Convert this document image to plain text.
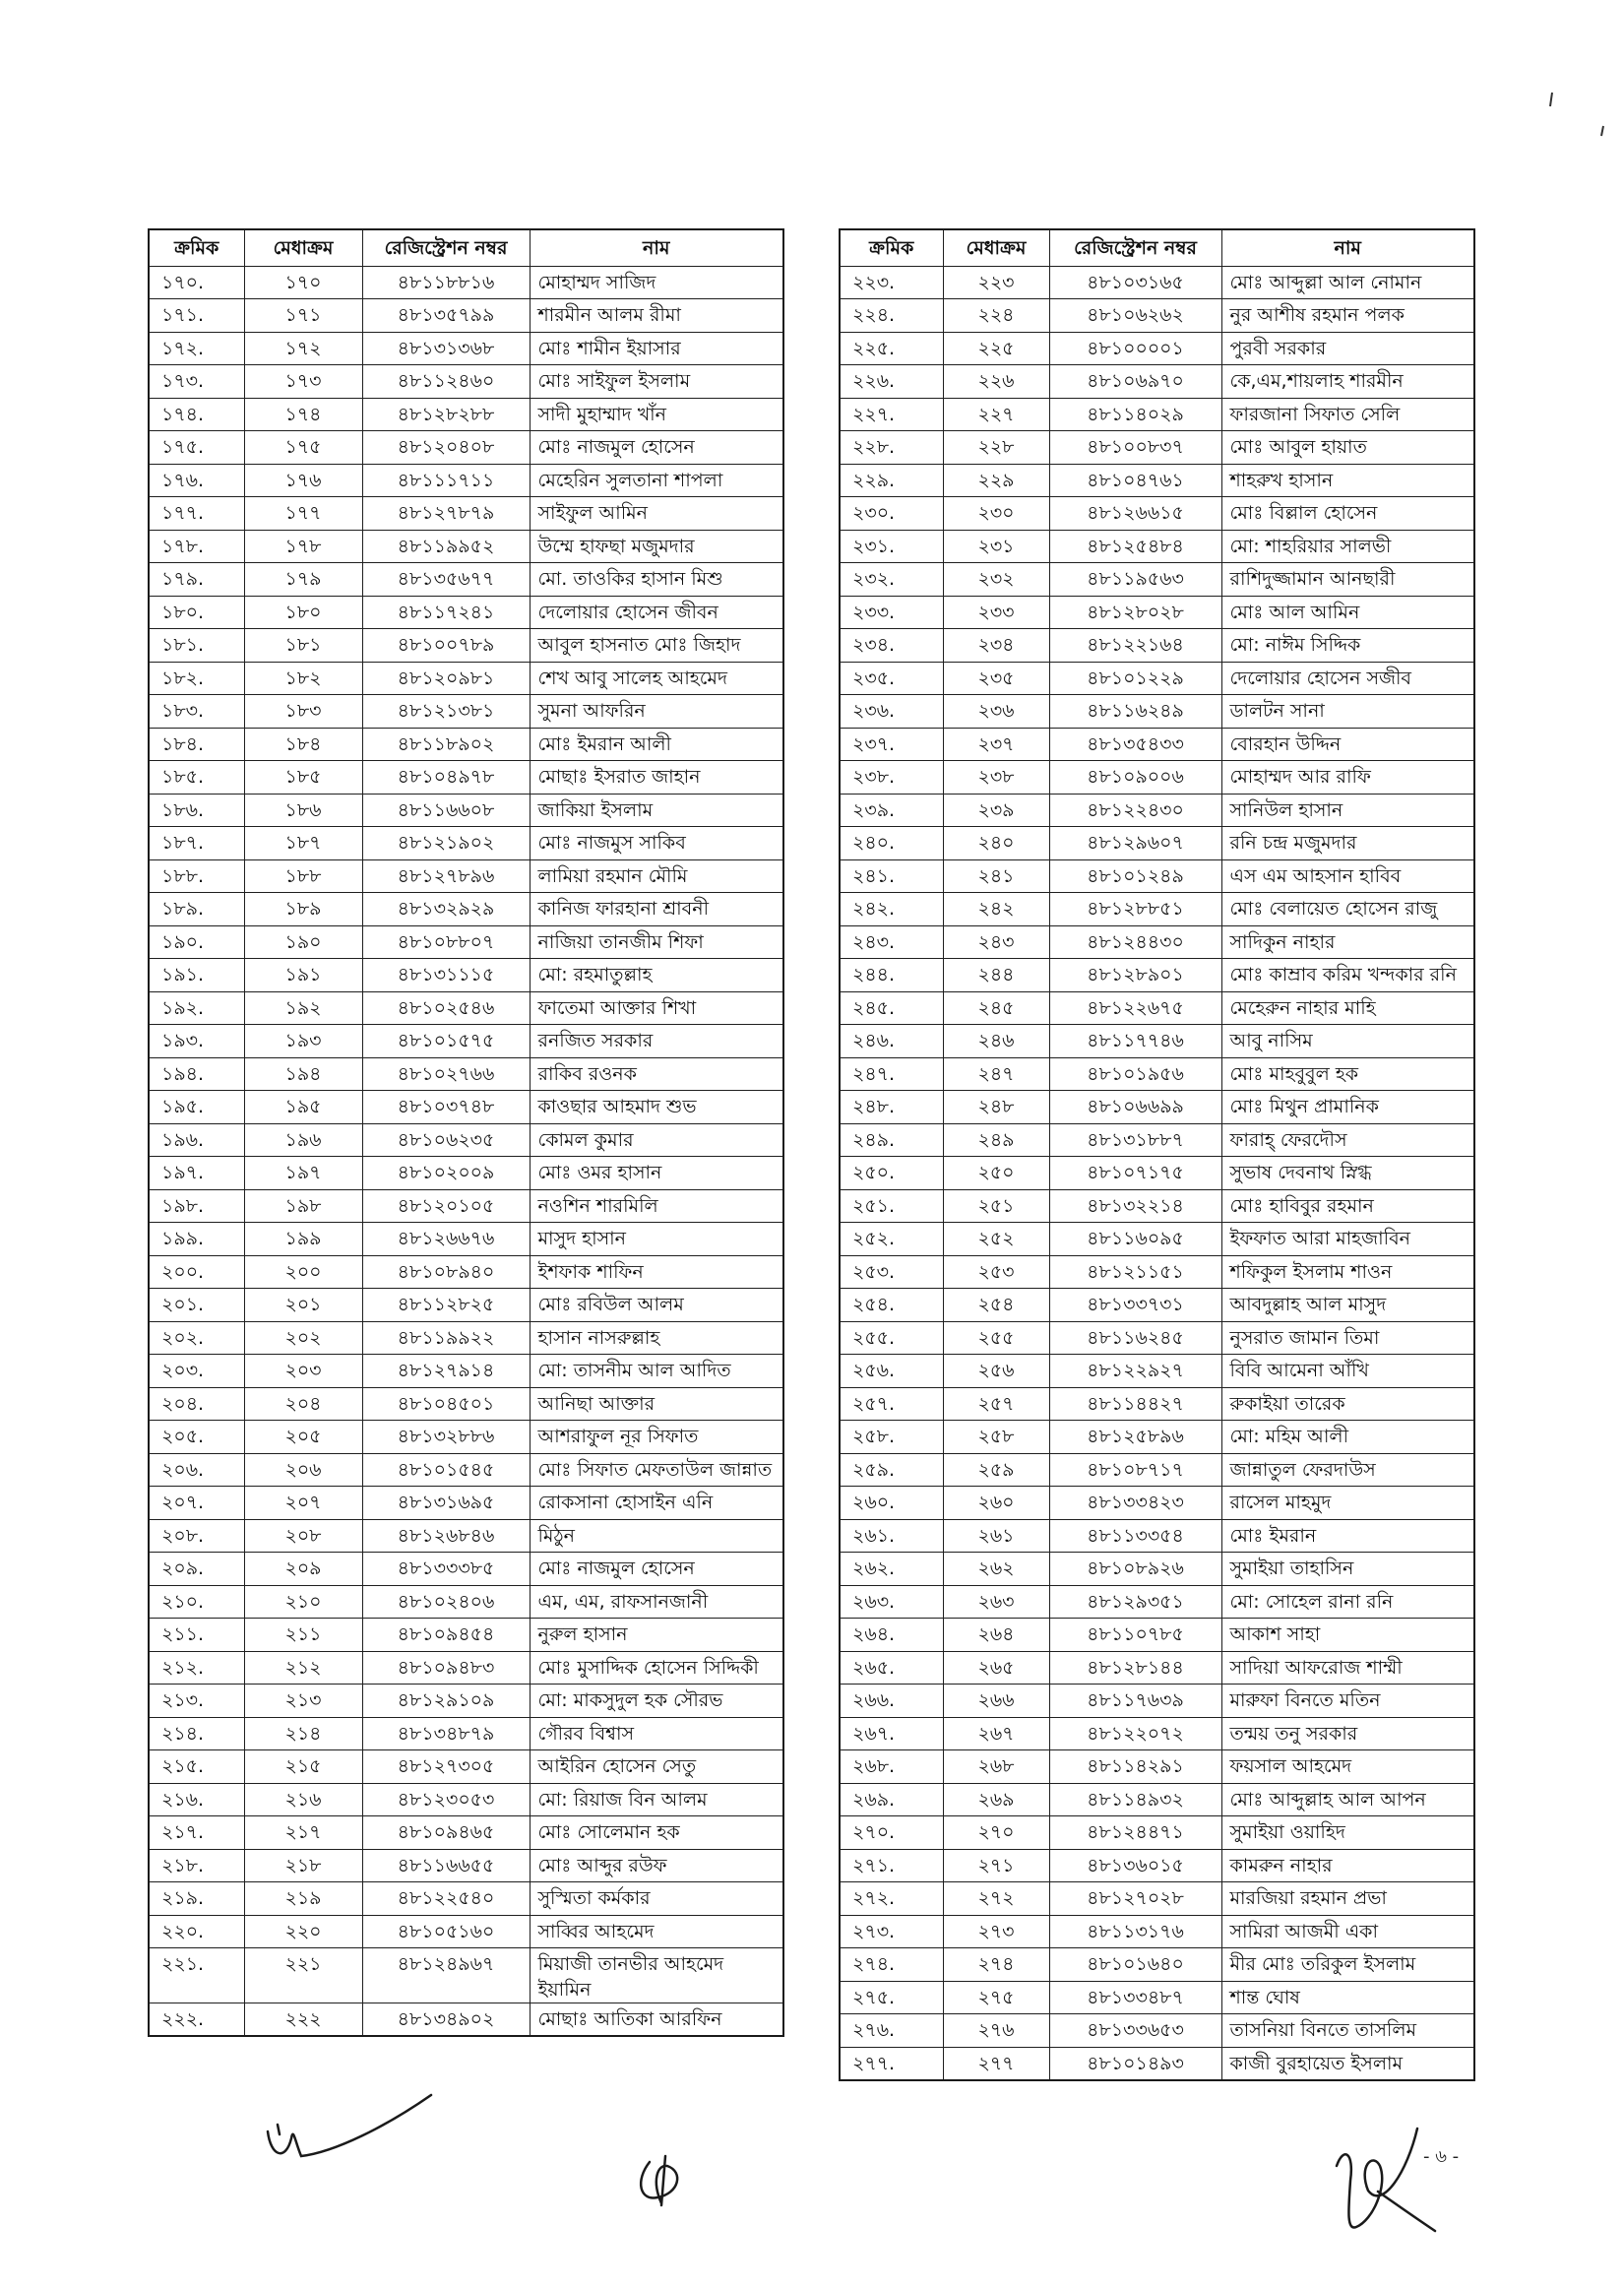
ক্রমিক	মেধাক্রম	রেজিস্ট্রেশন নম্বর	নাম
১৭০.	১৭০	৪৮১১৮৮১৬	মোহাম্মদ সাজিদ
১৭১.	১৭১	৪৮১৩৫৭৯৯	শারমীন আলম রীমা
১৭২.	১৭২	৪৮১৩১৩৬৮	মোঃ শামীন ইয়াসার
১৭৩.	১৭৩	৪৮১১২৪৬০	মোঃ সাইফুল ইসলাম
১৭৪.	১৭৪	৪৮১২৮২৮৮	সাদী মুহাম্মাদ খাঁন
১৭৫.	১৭৫	৪৮১২০৪০৮	মোঃ নাজমুল হোসেন
১৭৬.	১৭৬	৪৮১১১৭১১	মেহেরিন সুলতানা শাপলা
১৭৭.	১৭৭	৪৮১২৭৮৭৯	সাইফুল আমিন
১৭৮.	১৭৮	৪৮১১৯৯৫২	উম্মে হাফছা মজুমদার
১৭৯.	১৭৯	৪৮১৩৫৬৭৭	মো. তাওকির হাসান মিশু
১৮০.	১৮০	৪৮১১৭২৪১	দেলোয়ার হোসেন জীবন
১৮১.	১৮১	৪৮১০০৭৮৯	আবুল হাসনাত মোঃ জিহাদ
১৮২.	১৮২	৪৮১২০৯৮১	শেখ আবু সালেহ আহমেদ
১৮৩.	১৮৩	৪৮১২১৩৮১	সুমনা আফরিন
১৮৪.	১৮৪	৪৮১১৮৯০২	মোঃ ইমরান আলী
১৮৫.	১৮৫	৪৮১০৪৯৭৮	মোছাঃ ইসরাত জাহান
১৮৬.	১৮৬	৪৮১১৬৬০৮	জাকিয়া ইসলাম
১৮৭.	১৮৭	৪৮১২১৯০২	মোঃ নাজমুস সাকিব
১৮৮.	১৮৮	৪৮১২৭৮৯৬	লামিয়া রহমান মৌমি
১৮৯.	১৮৯	৪৮১৩২৯২৯	কানিজ ফারহানা শ্রাবনী
১৯০.	১৯০	৪৮১০৮৮০৭	নাজিয়া তানজীম শিফা
১৯১.	১৯১	৪৮১৩১১১৫	মো: রহমাতুল্লাহ
১৯২.	১৯২	৪৮১০২৫৪৬	ফাতেমা আক্তার শিখা
১৯৩.	১৯৩	৪৮১০১৫৭৫	রনজিত সরকার
১৯৪.	১৯৪	৪৮১০২৭৬৬	রাকিব রওনক
১৯৫.	১৯৫	৪৮১০৩৭৪৮	কাওছার আহমাদ শুভ
১৯৬.	১৯৬	৪৮১০৬২৩৫	কোমল কুমার
১৯৭.	১৯৭	৪৮১০২০০৯	মোঃ ওমর হাসান
১৯৮.	১৯৮	৪৮১২০১০৫	নওশিন শারমিলি
১৯৯.	১৯৯	৪৮১২৬৬৭৬	মাসুদ হাসান
২০০.	২০০	৪৮১০৮৯৪০	ইশফাক শাফিন
২০১.	২০১	৪৮১১২৮২৫	মোঃ রবিউল আলম
২০২.	২০২	৪৮১১৯৯২২	হাসান নাসরুল্লাহ
২০৩.	২০৩	৪৮১২৭৯১৪	মো: তাসনীম আল আদিত
২০৪.	২০৪	৪৮১০৪৫০১	আনিছা আক্তার
২০৫.	২০৫	৪৮১৩২৮৮৬	আশরাফুল নূর সিফাত
২০৬.	২০৬	৪৮১০১৫৪৫	মোঃ সিফাত মেফতাউল জান্নাত
২০৭.	২০৭	৪৮১৩১৬৯৫	রোকসানা হোসাইন এনি
২০৮.	২০৮	৪৮১২৬৮৪৬	মিঠুন
২০৯.	২০৯	৪৮১৩৩৩৮৫	মোঃ নাজমুল হোসেন
২১০.	২১০	৪৮১০২৪০৬	এম, এম, রাফসানজানী
২১১.	২১১	৪৮১০৯৪৫৪	নুরুল হাসান
২১২.	২১২	৪৮১০৯৪৮৩	মোঃ মুসাদ্দিক হোসেন সিদ্দিকী
২১৩.	২১৩	৪৮১২৯১০৯	মো: মাকসুদুল হক সৌরভ
২১৪.	২১৪	৪৮১৩৪৮৭৯	গৌরব বিশ্বাস
২১৫.	২১৫	৪৮১২৭৩০৫	আইরিন হোসেন সেতু
২১৬.	২১৬	৪৮১২৩০৫৩	মো: রিয়াজ বিন আলম
২১৭.	২১৭	৪৮১০৯৪৬৫	মোঃ সোলেমান হক
২১৮.	২১৮	৪৮১১৬৬৫৫	মোঃ আব্দুর রউফ
২১৯.	২১৯	৪৮১২২৫৪০	সুস্মিতা কর্মকার
২২০.	২২০	৪৮১০৫১৬০	সাব্বির আহমেদ
২২১.	২২১	৪৮১২৪৯৬৭	মিয়াজী তানভীর আহমেদ ইয়ামিন
২২২.	২২২	৪৮১৩৪৯০২	মোছাঃ আতিকা আরফিন
ক্রমিক	মেধাক্রম	রেজিস্ট্রেশন নম্বর	নাম
২২৩.	২২৩	৪৮১০৩১৬৫	মোঃ আব্দুল্লা আল নোমান
২২৪.	২২৪	৪৮১০৬২৬২	নুর আশীষ রহমান পলক
২২৫.	২২৫	৪৮১০০০০১	পুরবী সরকার
২২৬.	২২৬	৪৮১০৬৯৭০	কে,এম,শায়লাহ শারমীন
২২৭.	২২৭	৪৮১১৪০২৯	ফারজানা সিফাত সেলি
২২৮.	২২৮	৪৮১০০৮৩৭	মোঃ আবুল হায়াত
২২৯.	২২৯	৪৮১০৪৭৬১	শাহরুখ হাসান
২৩০.	২৩০	৪৮১২৬৬১৫	মোঃ বিল্লাল হোসেন
২৩১.	২৩১	৪৮১২৫৪৮৪	মো: শাহরিয়ার সালভী
২৩২.	২৩২	৪৮১১৯৫৬৩	রাশিদুজ্জামান আনছারী
২৩৩.	২৩৩	৪৮১২৮০২৮	মোঃ আল আমিন
২৩৪.	২৩৪	৪৮১২২১৬৪	মো: নাঈম সিদ্দিক
২৩৫.	২৩৫	৪৮১০১২২৯	দেলোয়ার হোসেন সজীব
২৩৬.	২৩৬	৪৮১১৬২৪৯	ডালটন সানা
২৩৭.	২৩৭	৪৮১৩৫৪৩৩	বোরহান উদ্দিন
২৩৮.	২৩৮	৪৮১০৯০০৬	মোহাম্মদ আর রাফি
২৩৯.	২৩৯	৪৮১২২৪৩০	সানিউল হাসান
২৪০.	২৪০	৪৮১২৯৬০৭	রনি চন্দ্র মজুমদার
২৪১.	২৪১	৪৮১০১২৪৯	এস এম আহসান হাবিব
২৪২.	২৪২	৪৮১২৮৮৫১	মোঃ বেলায়েত হোসেন রাজু
২৪৩.	২৪৩	৪৮১২৪৪৩০	সাদিকুন নাহার
২৪৪.	২৪৪	৪৮১২৮৯০১	মোঃ কাম্রাব করিম খন্দকার রনি
২৪৫.	২৪৫	৪৮১২২৬৭৫	মেহেরুন নাহার মাহি
২৪৬.	২৪৬	৪৮১১৭৭৪৬	আবু নাসিম
২৪৭.	২৪৭	৪৮১০১৯৫৬	মোঃ মাহবুবুল হক
২৪৮.	২৪৮	৪৮১০৬৬৯৯	মোঃ মিথুন প্রামানিক
২৪৯.	২৪৯	৪৮১৩১৮৮৭	ফারাহ্ ফেরদৌস
২৫০.	২৫০	৪৮১০৭১৭৫	সুভাষ দেবনাথ স্নিগ্ধ
২৫১.	২৫১	৪৮১৩২২১৪	মোঃ হাবিবুর রহমান
২৫২.	২৫২	৪৮১১৬০৯৫	ইফফাত আরা মাহজাবিন
২৫৩.	২৫৩	৪৮১২১১৫১	শফিকুল ইসলাম শাওন
২৫৪.	২৫৪	৪৮১৩৩৭৩১	আবদুল্লাহ আল মাসুদ
২৫৫.	২৫৫	৪৮১১৬২৪৫	নুসরাত জামান তিমা
২৫৬.	২৫৬	৪৮১২২৯২৭	বিবি আমেনা আঁখি
২৫৭.	২৫৭	৪৮১১৪৪২৭	রুকাইয়া তারেক
২৫৮.	২৫৮	৪৮১২৫৮৯৬	মো: মহিম আলী
২৫৯.	২৫৯	৪৮১০৮৭১৭	জান্নাতুল ফেরদাউস
২৬০.	২৬০	৪৮১৩৩৪২৩	রাসেল মাহমুদ
২৬১.	২৬১	৪৮১১৩৩৫৪	মোঃ ইমরান
২৬২.	২৬২	৪৮১০৮৯২৬	সুমাইয়া তাহাসিন
২৬৩.	২৬৩	৪৮১২৯৩৫১	মো: সোহেল রানা রনি
২৬৪.	২৬৪	৪৮১১০৭৮৫	আকাশ সাহা
২৬৫.	২৬৫	৪৮১২৮১৪৪	সাদিয়া আফরোজ শাম্মী
২৬৬.	২৬৬	৪৮১১৭৬৩৯	মারুফা বিনতে মতিন
২৬৭.	২৬৭	৪৮১২২০৭২	তন্ময় তনু সরকার
২৬৮.	২৬৮	৪৮১১৪২৯১	ফয়সাল আহমেদ
২৬৯.	২৬৯	৪৮১১৪৯৩২	মোঃ আব্দুল্লাহ আল আপন
২৭০.	২৭০	৪৮১২৪৪৭১	সুমাইয়া ওয়াহিদ
২৭১.	২৭১	৪৮১৩৬০১৫	কামরুন নাহার
২৭২.	২৭২	৪৮১২৭০২৮	মারজিয়া রহমান প্রভা
২৭৩.	২৭৩	৪৮১১৩১৭৬	সামিরা আজমী একা
২৭৪.	২৭৪	৪৮১০১৬৪০	মীর মোঃ তরিকুল ইসলাম
২৭৫.	২৭৫	৪৮১৩৩৪৮৭	শান্ত ঘোষ
২৭৬.	২৭৬	৪৮১৩৩৬৫৩	তাসনিয়া বিনতে তাসলিম
২৭৭.	২৭৭	৪৮১০১৪৯৩	কাজী বুরহায়েত ইসলাম
- ৬ -
